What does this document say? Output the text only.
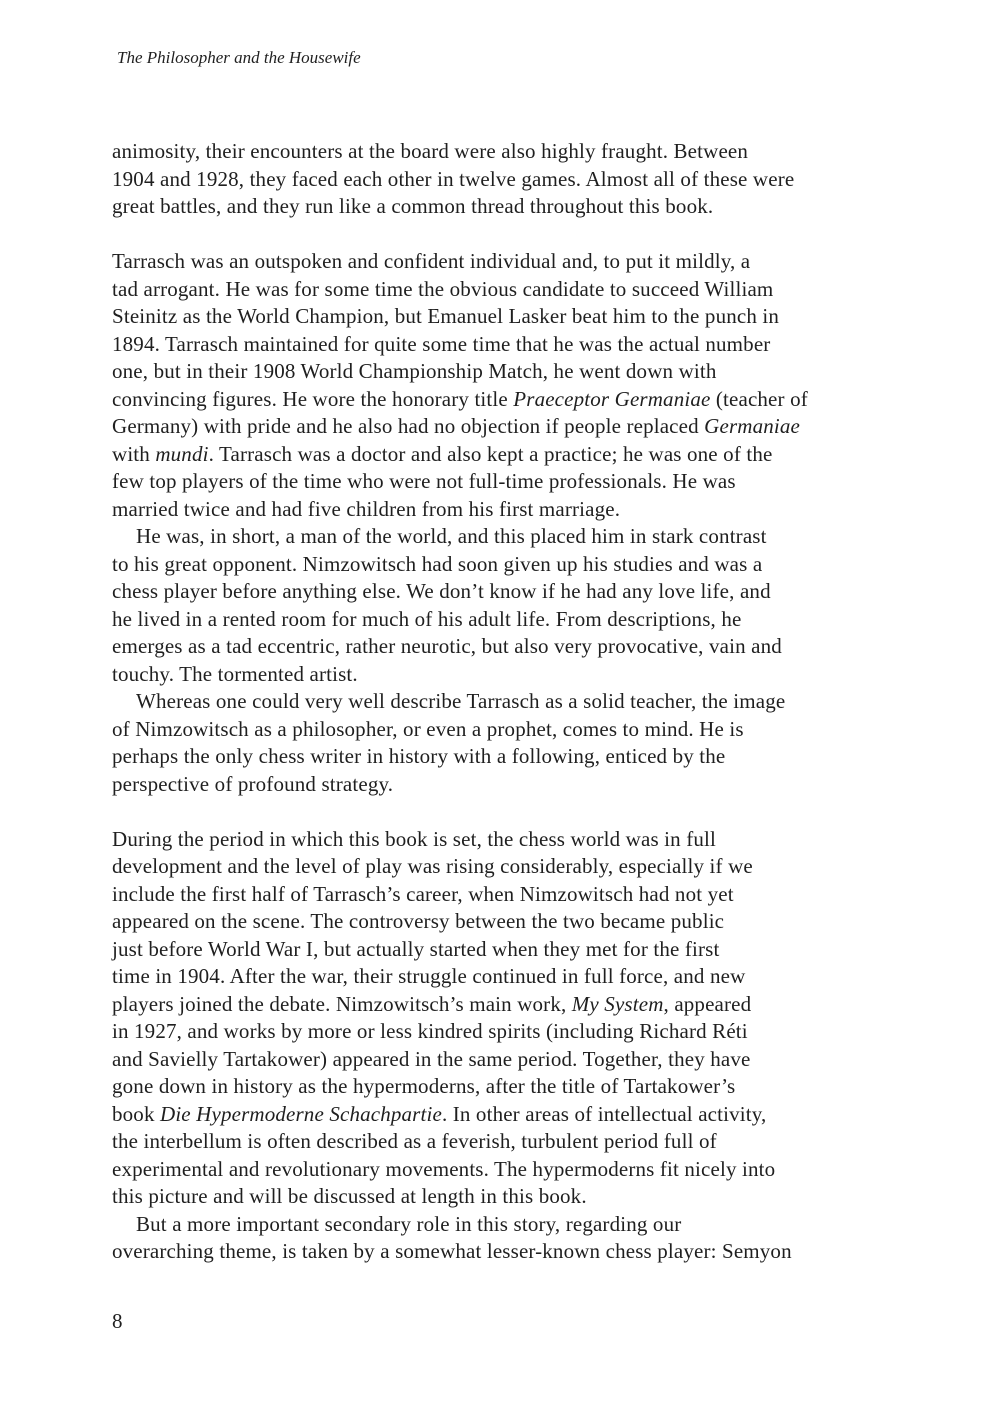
The Philosopher and the Housewife
animosity, their encounters at the board were also highly fraught. Between
1904 and 1928, they faced each other in twelve games. Almost all of these were
great battles, and they run like a common thread throughout this book.
Tarrasch was an outspoken and confident individual and, to put it mildly, a
tad arrogant. He was for some time the obvious candidate to succeed William
Steinitz as the World Champion, but Emanuel Lasker beat him to the punch in
1894. Tarrasch maintained for quite some time that he was the actual number
one, but in their 1908 World Championship Match, he went down with
convincing figures. He wore the honorary title Praeceptor Germaniae (teacher of
Germany) with pride and he also had no objection if people replaced Germaniae
with mundi. Tarrasch was a doctor and also kept a practice; he was one of the
few top players of the time who were not full-time professionals. He was
married twice and had five children from his first marriage.
He was, in short, a man of the world, and this placed him in stark contrast
to his great opponent. Nimzowitsch had soon given up his studies and was a
chess player before anything else. We don’t know if he had any love life, and
he lived in a rented room for much of his adult life. From descriptions, he
emerges as a tad eccentric, rather neurotic, but also very provocative, vain and
touchy. The tormented artist.
Whereas one could very well describe Tarrasch as a solid teacher, the image
of Nimzowitsch as a philosopher, or even a prophet, comes to mind. He is
perhaps the only chess writer in history with a following, enticed by the
perspective of profound strategy.
During the period in which this book is set, the chess world was in full
development and the level of play was rising considerably, especially if we
include the first half of Tarrasch’s career, when Nimzowitsch had not yet
appeared on the scene. The controversy between the two became public
just before World War I, but actually started when they met for the first
time in 1904. After the war, their struggle continued in full force, and new
players joined the debate. Nimzowitsch’s main work, My System, appeared
in 1927, and works by more or less kindred spirits (including Richard Réti
and Savielly Tartakower) appeared in the same period. Together, they have
gone down in history as the hypermoderns, after the title of Tartakower’s
book Die Hypermoderne Schachpartie. In other areas of intellectual activity,
the interbellum is often described as a feverish, turbulent period full of
experimental and revolutionary movements. The hypermoderns fit nicely into
this picture and will be discussed at length in this book.
But a more important secondary role in this story, regarding our
overarching theme, is taken by a somewhat lesser-known chess player: Semyon
8
